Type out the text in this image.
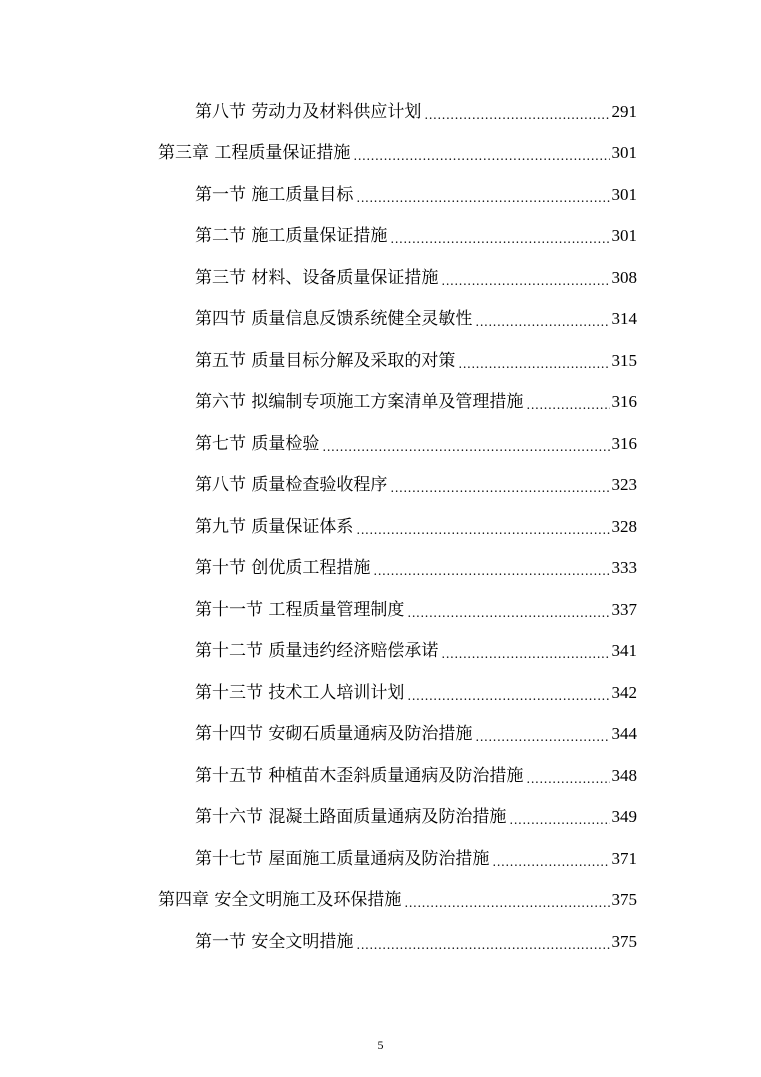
第八节 劳动力及材料供应计划 .....	291
第三章 工程质量保证措施 .....	301
第一节 施工质量目标 .....	301
第二节 施工质量保证措施 .....	301
第三节 材料、设备质量保证措施 .....	308
第四节 质量信息反馈系统健全灵敏性 .....	314
第五节 质量目标分解及采取的对策 .....	315
第六节 拟编制专项施工方案清单及管理措施 .....	316
第七节 质量检验 .....	316
第八节 质量检查验收程序 .....	323
第九节 质量保证体系 .....	328
第十节 创优质工程措施 .....	333
第十一节 工程质量管理制度 .....	337
第十二节 质量违约经济赔偿承诺 .....	341
第十三节 技术工人培训计划 .....	342
第十四节 安砌石质量通病及防治措施 .....	344
第十五节 种植苗木歪斜质量通病及防治措施 .....	348
第十六节 混凝土路面质量通病及防治措施 .....	349
第十七节 屋面施工质量通病及防治措施 .....	371
第四章 安全文明施工及环保措施 .....	375
第一节 安全文明措施 .....	375
5
